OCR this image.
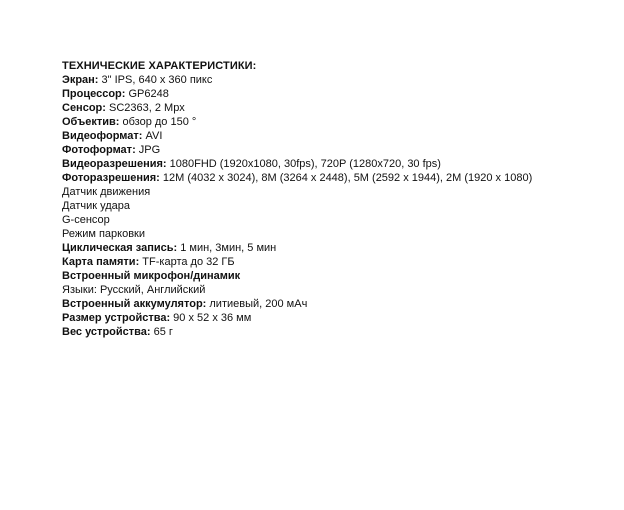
ТЕХНИЧЕСКИЕ ХАРАКТЕРИСТИКИ:
Экран: 3" IPS, 640 x 360 пикс
Процессор: GP6248
Сенсор: SC2363, 2 Mpx
Объектив: обзор до 150 °
Видеоформат: AVI
Фотоформат: JPG
Видеоразрешения: 1080FHD (1920x1080, 30fps), 720P (1280x720, 30 fps)
Фоторазрешения: 12M (4032 x 3024), 8M (3264 x 2448), 5M (2592 x 1944), 2M (1920 x 1080)
Датчик движения
Датчик удара
G-сенсор
Режим парковки
Циклическая запись: 1 мин, 3мин, 5 мин
Карта памяти: TF-карта до 32 ГБ
Встроенный микрофон/динамик
Языки: Русский, Английский
Встроенный аккумулятор: литиевый, 200 мАч
Размер устройства: 90 х 52 х 36 мм
Вес устройства: 65 г
